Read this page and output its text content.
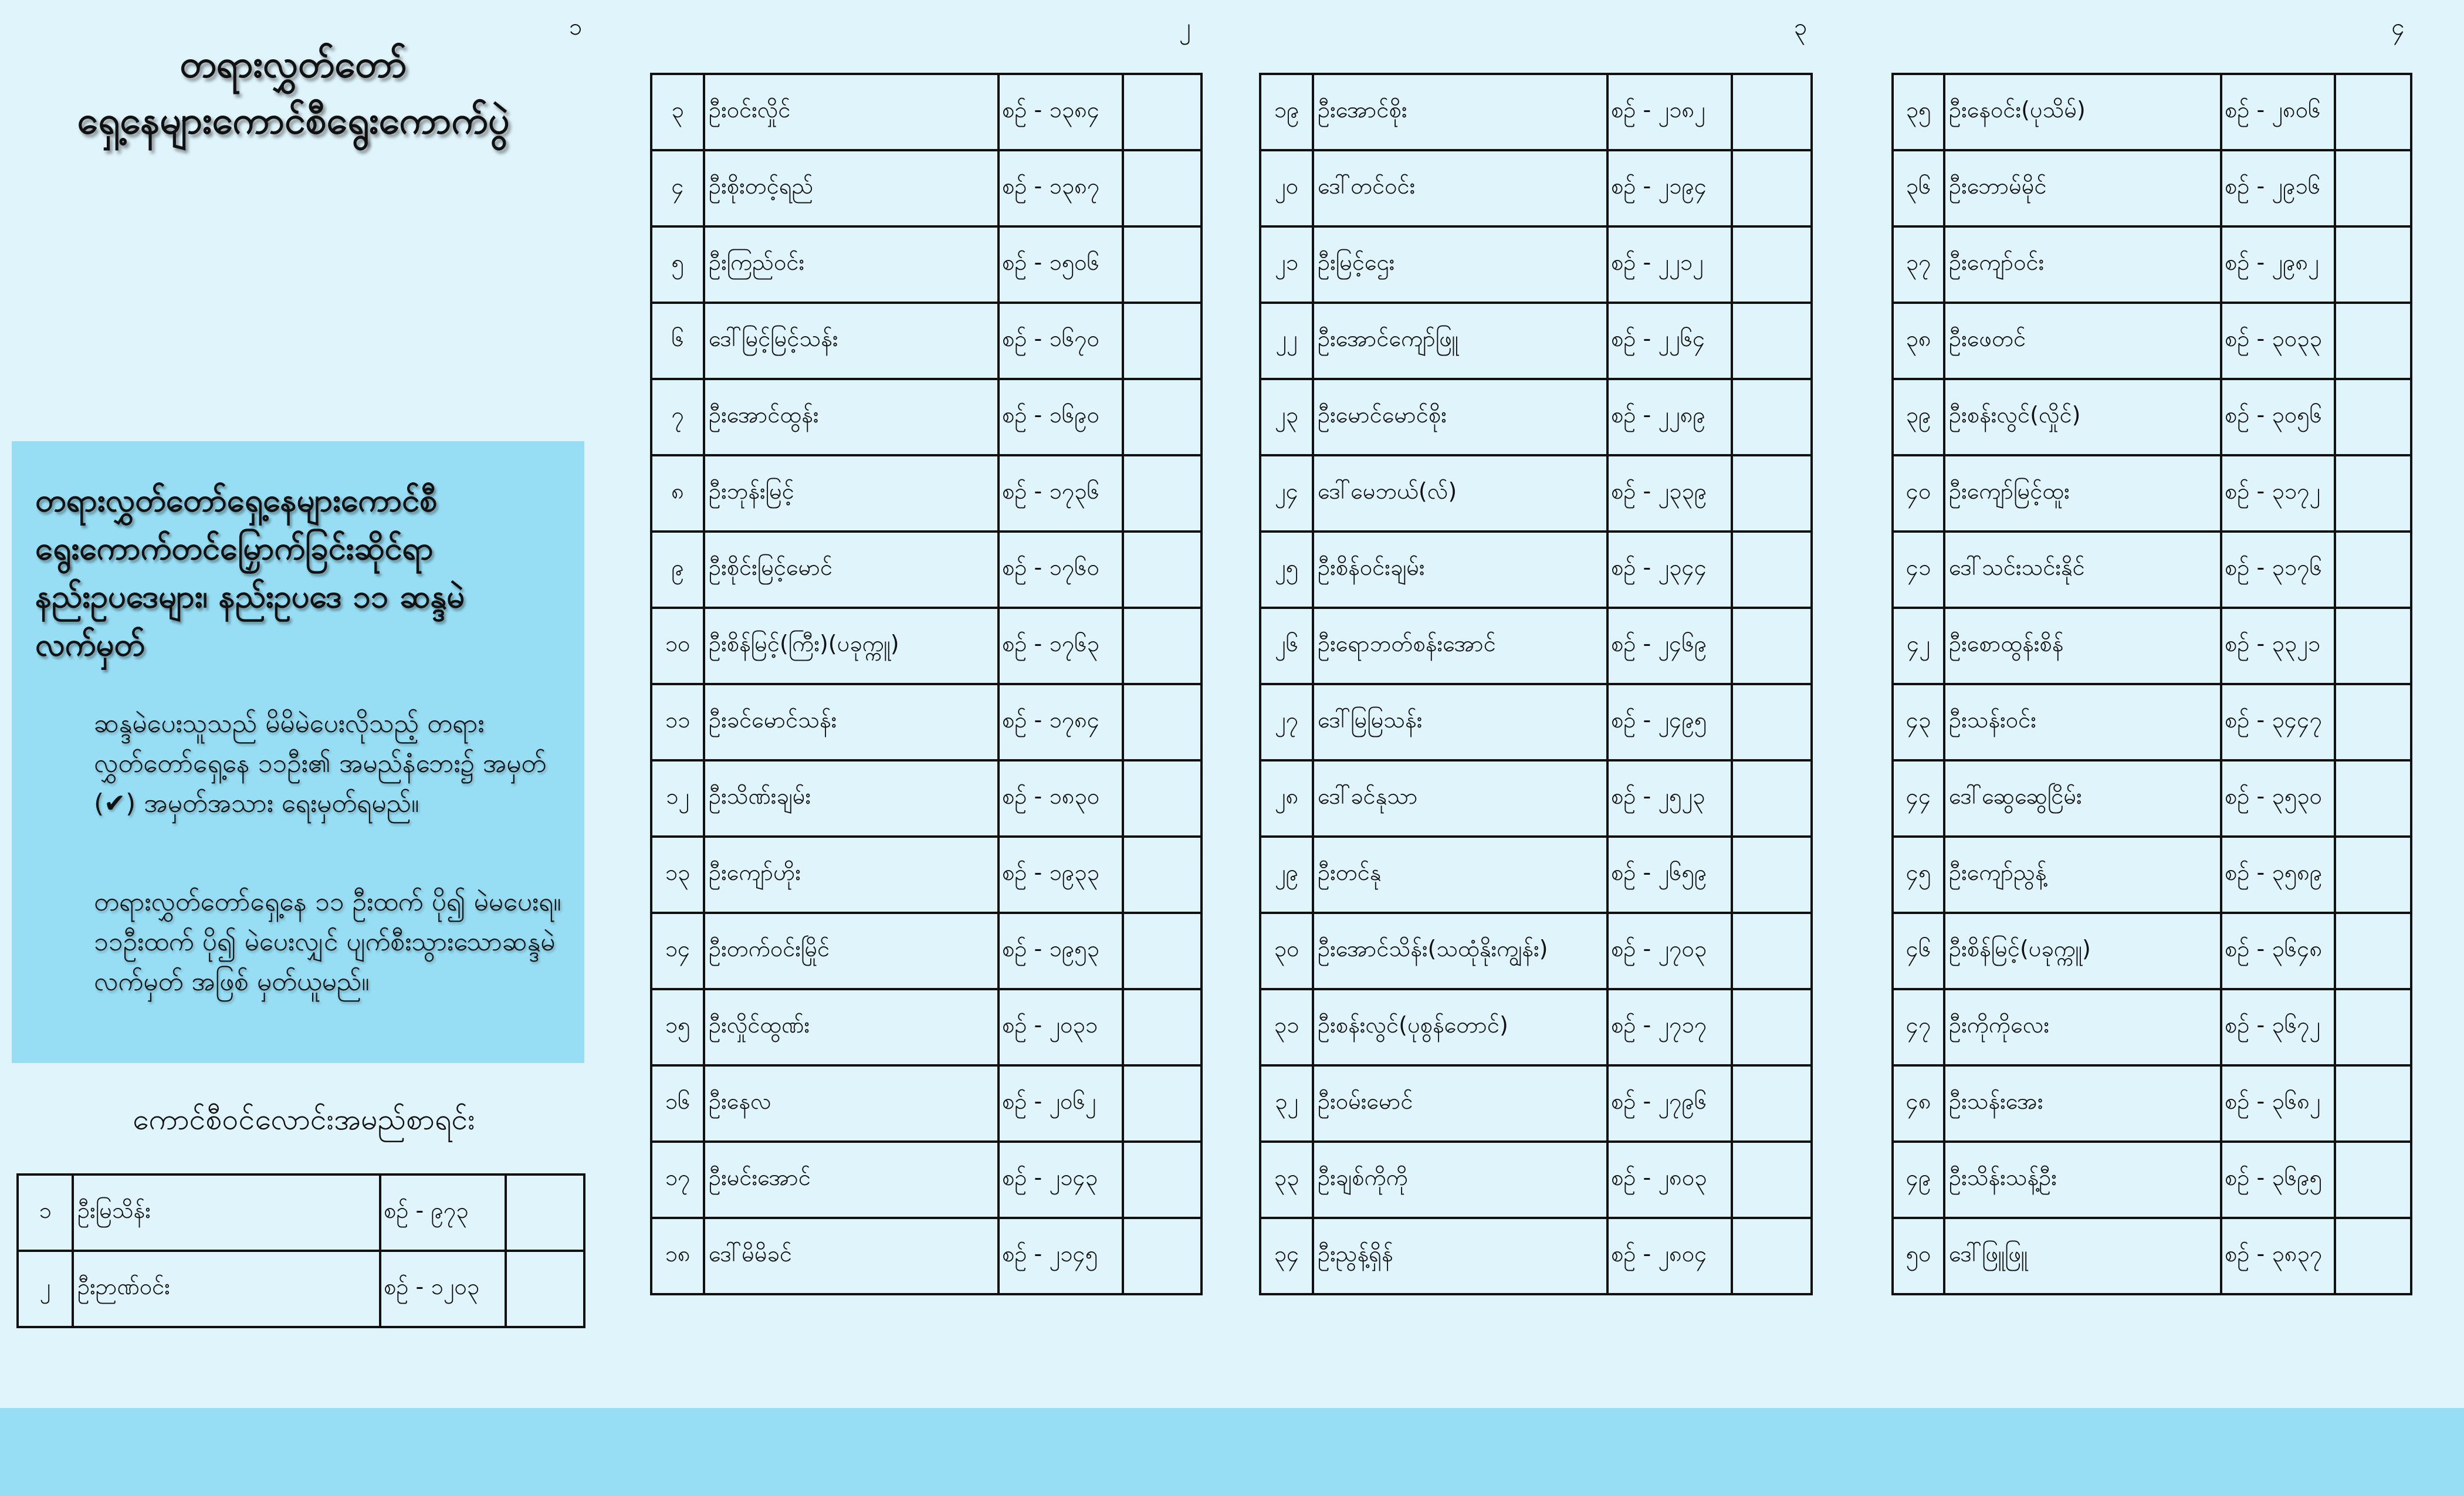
၁	၂	၃	၄
တရားလွှတ်တော်
ရှေ့နေများကောင်စီရွေးကောက်ပွဲ
တရားလွှတ်တော်ရှေ့နေများကောင်စီ ရွေးကောက်တင်မြှောက်ခြင်းဆိုင်ရာ နည်းဥပဒေများ၊ နည်းဥပဒေ ၁၁ ဆန္ဒမဲလက်မှတ်
ဆန္ဒမဲပေးသူသည် မိမိမဲပေးလိုသည့် တရားလွှတ်တော်ရှေ့နေ ၁၁ဦး၏ အမည်နံဘေး၌ အမှတ် (✔) အမှတ်အသား ရေးမှတ်ရမည်။
တရားလွှတ်တော်ရှေ့နေ ၁၁ ဦးထက် ပို၍ မဲမပေးရ။ ၁၁ဦးထက် ပို၍ မဲပေးလျှင် ပျက်စီးသွားသောဆန္ဒမဲ လက်မှတ် အဖြစ် မှတ်ယူမည်။
ကောင်စီဝင်လောင်းအမည်စာရင်း
၁	ဦးမြသိန်း	စဉ် - ၉၇၃	
၂	ဦးဉာဏ်ဝင်း	စဉ် - ၁၂၀၃	
၃	ဦးဝင်းလှိုင်	စဉ် - ၁၃၈၄	
၄	ဦးစိုးတင့်ရည်	စဉ် - ၁၃၈၇	
၅	ဦးကြည်ဝင်း	စဉ် - ၁၅၀၆	
၆	ဒေါ်မြင့်မြင့်သန်း	စဉ် - ၁၆၇၀	
၇	ဦးအောင်ထွန်း	စဉ် - ၁၆၉၀	
၈	ဦးဘုန်းမြင့်	စဉ် - ၁၇၃၆	
၉	ဦးစိုင်းမြင့်မောင်	စဉ် - ၁၇၆၀	
၁၀	ဦးစိန်မြင့်(ကြီး)(ပခုက္ကူ)	စဉ် - ၁၇၆၃	
၁၁	ဦးခင်မောင်သန်း	စဉ် - ၁၇၈၄	
၁၂	ဦးသိဏ်းချမ်း	စဉ် - ၁၈၃၀	
၁၃	ဦးကျော်ဟိုး	စဉ် - ၁၉၃၃	
၁၄	ဦးတက်ဝင်းမြိုင်	စဉ် - ၁၉၅၃	
၁၅	ဦးလှိုင်ထွဏ်း	စဉ် - ၂၀၃၁	
၁၆	ဦးနေလ	စဉ် - ၂၀၆၂	
၁၇	ဦးမင်းအောင်	စဉ် - ၂၁၄၃	
၁၈	ဒေါ်မိမိခင်	စဉ် - ၂၁၄၅	
၁၉	ဦးအောင်စိုး	စဉ် - ၂၁၈၂	
၂၀	ဒေါ်တင်ဝင်း	စဉ် - ၂၁၉၄	
၂၁	ဦးမြင့်ဌေး	စဉ် - ၂၂၁၂	
၂၂	ဦးအောင်ကျော်ဖြူ	စဉ် - ၂၂၆၄	
၂၃	ဦးမောင်မောင်စိုး	စဉ် - ၂၂၈၉	
၂၄	ဒေါ်မေဘယ်(လ်)	စဉ် - ၂၃၃၉	
၂၅	ဦးစိန်ဝင်းချမ်း	စဉ် - ၂၃၄၄	
၂၆	ဦးရောဘတ်စန်းအောင်	စဉ် - ၂၄၆၉	
၂၇	ဒေါ်မြမြသန်း	စဉ် - ၂၄၉၅	
၂၈	ဒေါ်ခင်နုသာ	စဉ် - ၂၅၂၃	
၂၉	ဦးတင်နု	စဉ် - ၂၆၅၉	
၃၀	ဦးအောင်သိန်း(သထုံနိုးကျွန်း)	စဉ် - ၂၇၀၃	
၃၁	ဦးစန်းလွင်(ပုစွန်တောင်)	စဉ် - ၂၇၁၇	
၃၂	ဦးဝမ်းမောင်	စဉ် - ၂၇၉၆	
၃၃	ဦးချစ်ကိုကို	စဉ် - ၂၈၀၃	
၃၄	ဦးညွန့်ရှိန်	စဉ် - ၂၈၀၄	
၃၅	ဦးနေဝင်း(ပုသိမ်)	စဉ် - ၂၈၀၆	
၃၆	ဦးဘောမ်မိုင်	စဉ် - ၂၉၁၆	
၃၇	ဦးကျော်ဝင်း	စဉ် - ၂၉၈၂	
၃၈	ဦးဖေတင်	စဉ် - ၃၀၃၃	
၃၉	ဦးစန်းလွင်(လှိုင်)	စဉ် - ၃၀၅၆	
၄၀	ဦးကျော်မြင့်ထူး	စဉ် - ၃၁၇၂	
၄၁	ဒေါ်သင်းသင်းနိုင်	စဉ် - ၃၁၇၆	
၄၂	ဦးစောထွန်းစိန်	စဉ် - ၃၃၂၁	
၄၃	ဦးသန်းဝင်း	စဉ် - ၃၄၄၇	
၄၄	ဒေါ်ဆွေဆွေငြိမ်း	စဉ် - ၃၅၃၀	
၄၅	ဦးကျော်ညွန့်	စဉ် - ၃၅၈၉	
၄၆	ဦးစိန်မြင့်(ပခုက္ကူ)	စဉ် - ၃၆၄၈	
၄၇	ဦးကိုကိုလေး	စဉ် - ၃၆၇၂	
၄၈	ဦးသန်းအေး	စဉ် - ၃၆၈၂	
၄၉	ဦးသိန်းသန့်ဦး	စဉ် - ၃၆၉၅	
၅၀	ဒေါ်ဖြူဖြူ	စဉ် - ၃၈၃၇	
